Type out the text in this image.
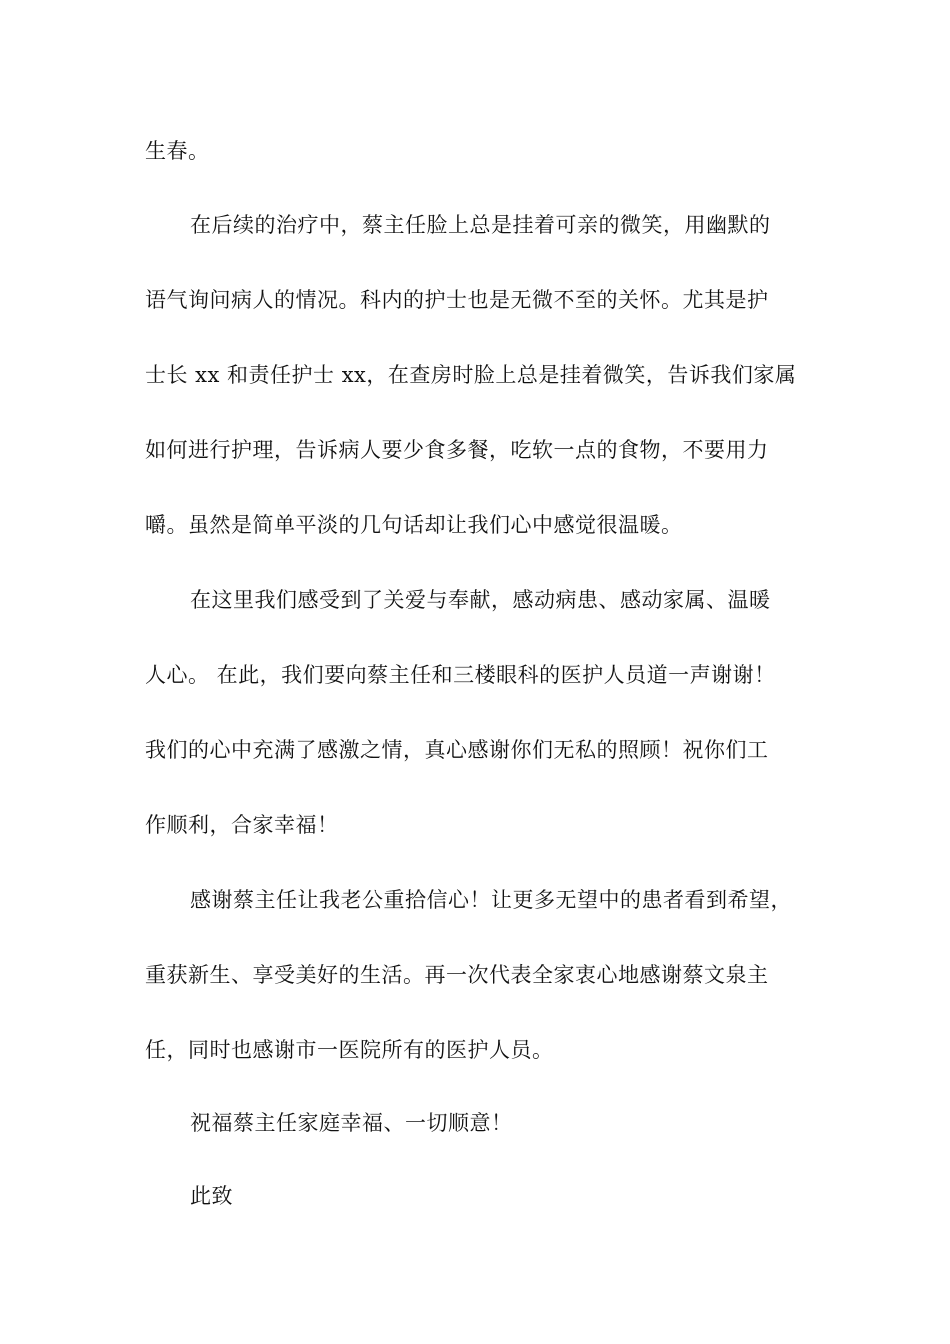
生春。
在后续的治疗中，蔡主任脸上总是挂着可亲的微笑，用幽默的
语气询问病人的情况。科内的护士也是无微不至的关怀。尤其是护
士长 xx 和责任护士 xx，在查房时脸上总是挂着微笑，告诉我们家属
如何进行护理，告诉病人要少食多餐，吃软一点的食物，不要用力
嚼。虽然是简单平淡的几句话却让我们心中感觉很温暖。
在这里我们感受到了关爱与奉献，感动病患、感动家属、温暖
人心。 在此，我们要向蔡主任和三楼眼科的医护人员道一声谢谢！
我们的心中充满了感激之情，真心感谢你们无私的照顾！祝你们工
作顺利，合家幸福！
感谢蔡主任让我老公重拾信心！让更多无望中的患者看到希望，
重获新生、享受美好的生活。再一次代表全家衷心地感谢蔡文泉主
任，同时也感谢市一医院所有的医护人员。
祝福蔡主任家庭幸福、一切顺意！
此致
